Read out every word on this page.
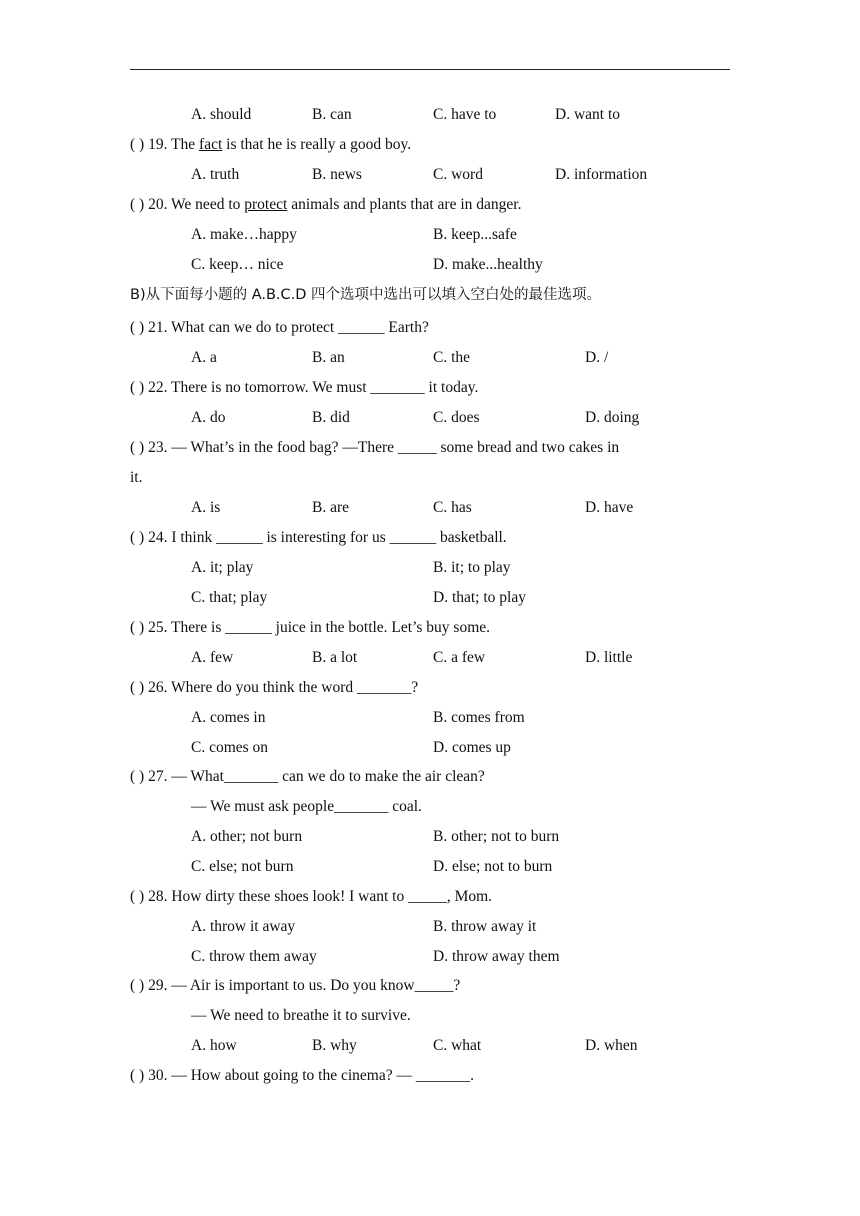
A. should	B. can	C. have to	D. want to
( ) 19. The fact is that he is really a good boy.
A. truth	B. news	C. word	D. information
( ) 20. We need to protect animals and plants that are in danger.
A. make…happy	B. keep...safe
C. keep… nice	D. make...healthy
B)从下面每小题的 A.B.C.D 四个选项中选出可以填入空白处的最佳选项。
( ) 21. What can we do to protect ______ Earth?
A. a	B. an	C. the	D. /
( ) 22. There is no tomorrow. We must _______ it today.
A. do	B. did	C. does	D. doing
( ) 23. — What’s in the food bag? —There _____ some bread and two cakes in
it.
A. is	B. are	C. has	D. have
( ) 24. I think ______ is interesting for us ______ basketball.
A. it; play	B. it; to play
C. that; play	D. that; to play
( ) 25. There is ______ juice in the bottle. Let’s buy some.
A. few	B. a lot	C. a few	D. little
( ) 26. Where do you think the word _______?
A. comes in	B. comes from
C. comes on	D. comes up
( ) 27. — What_______ can we do to make the air clean?
— We must ask people_______ coal.
A. other; not burn	B. other; not to burn
C. else; not burn	D. else; not to burn
( ) 28. How dirty these shoes look! I want to _____, Mom.
A. throw it away	B. throw away it
C. throw them away	D. throw away them
( ) 29. — Air is important to us. Do you know_____?
— We need to breathe it to survive.
A. how	B. why	C. what	D. when
( ) 30. — How about going to the cinema? — _______.
